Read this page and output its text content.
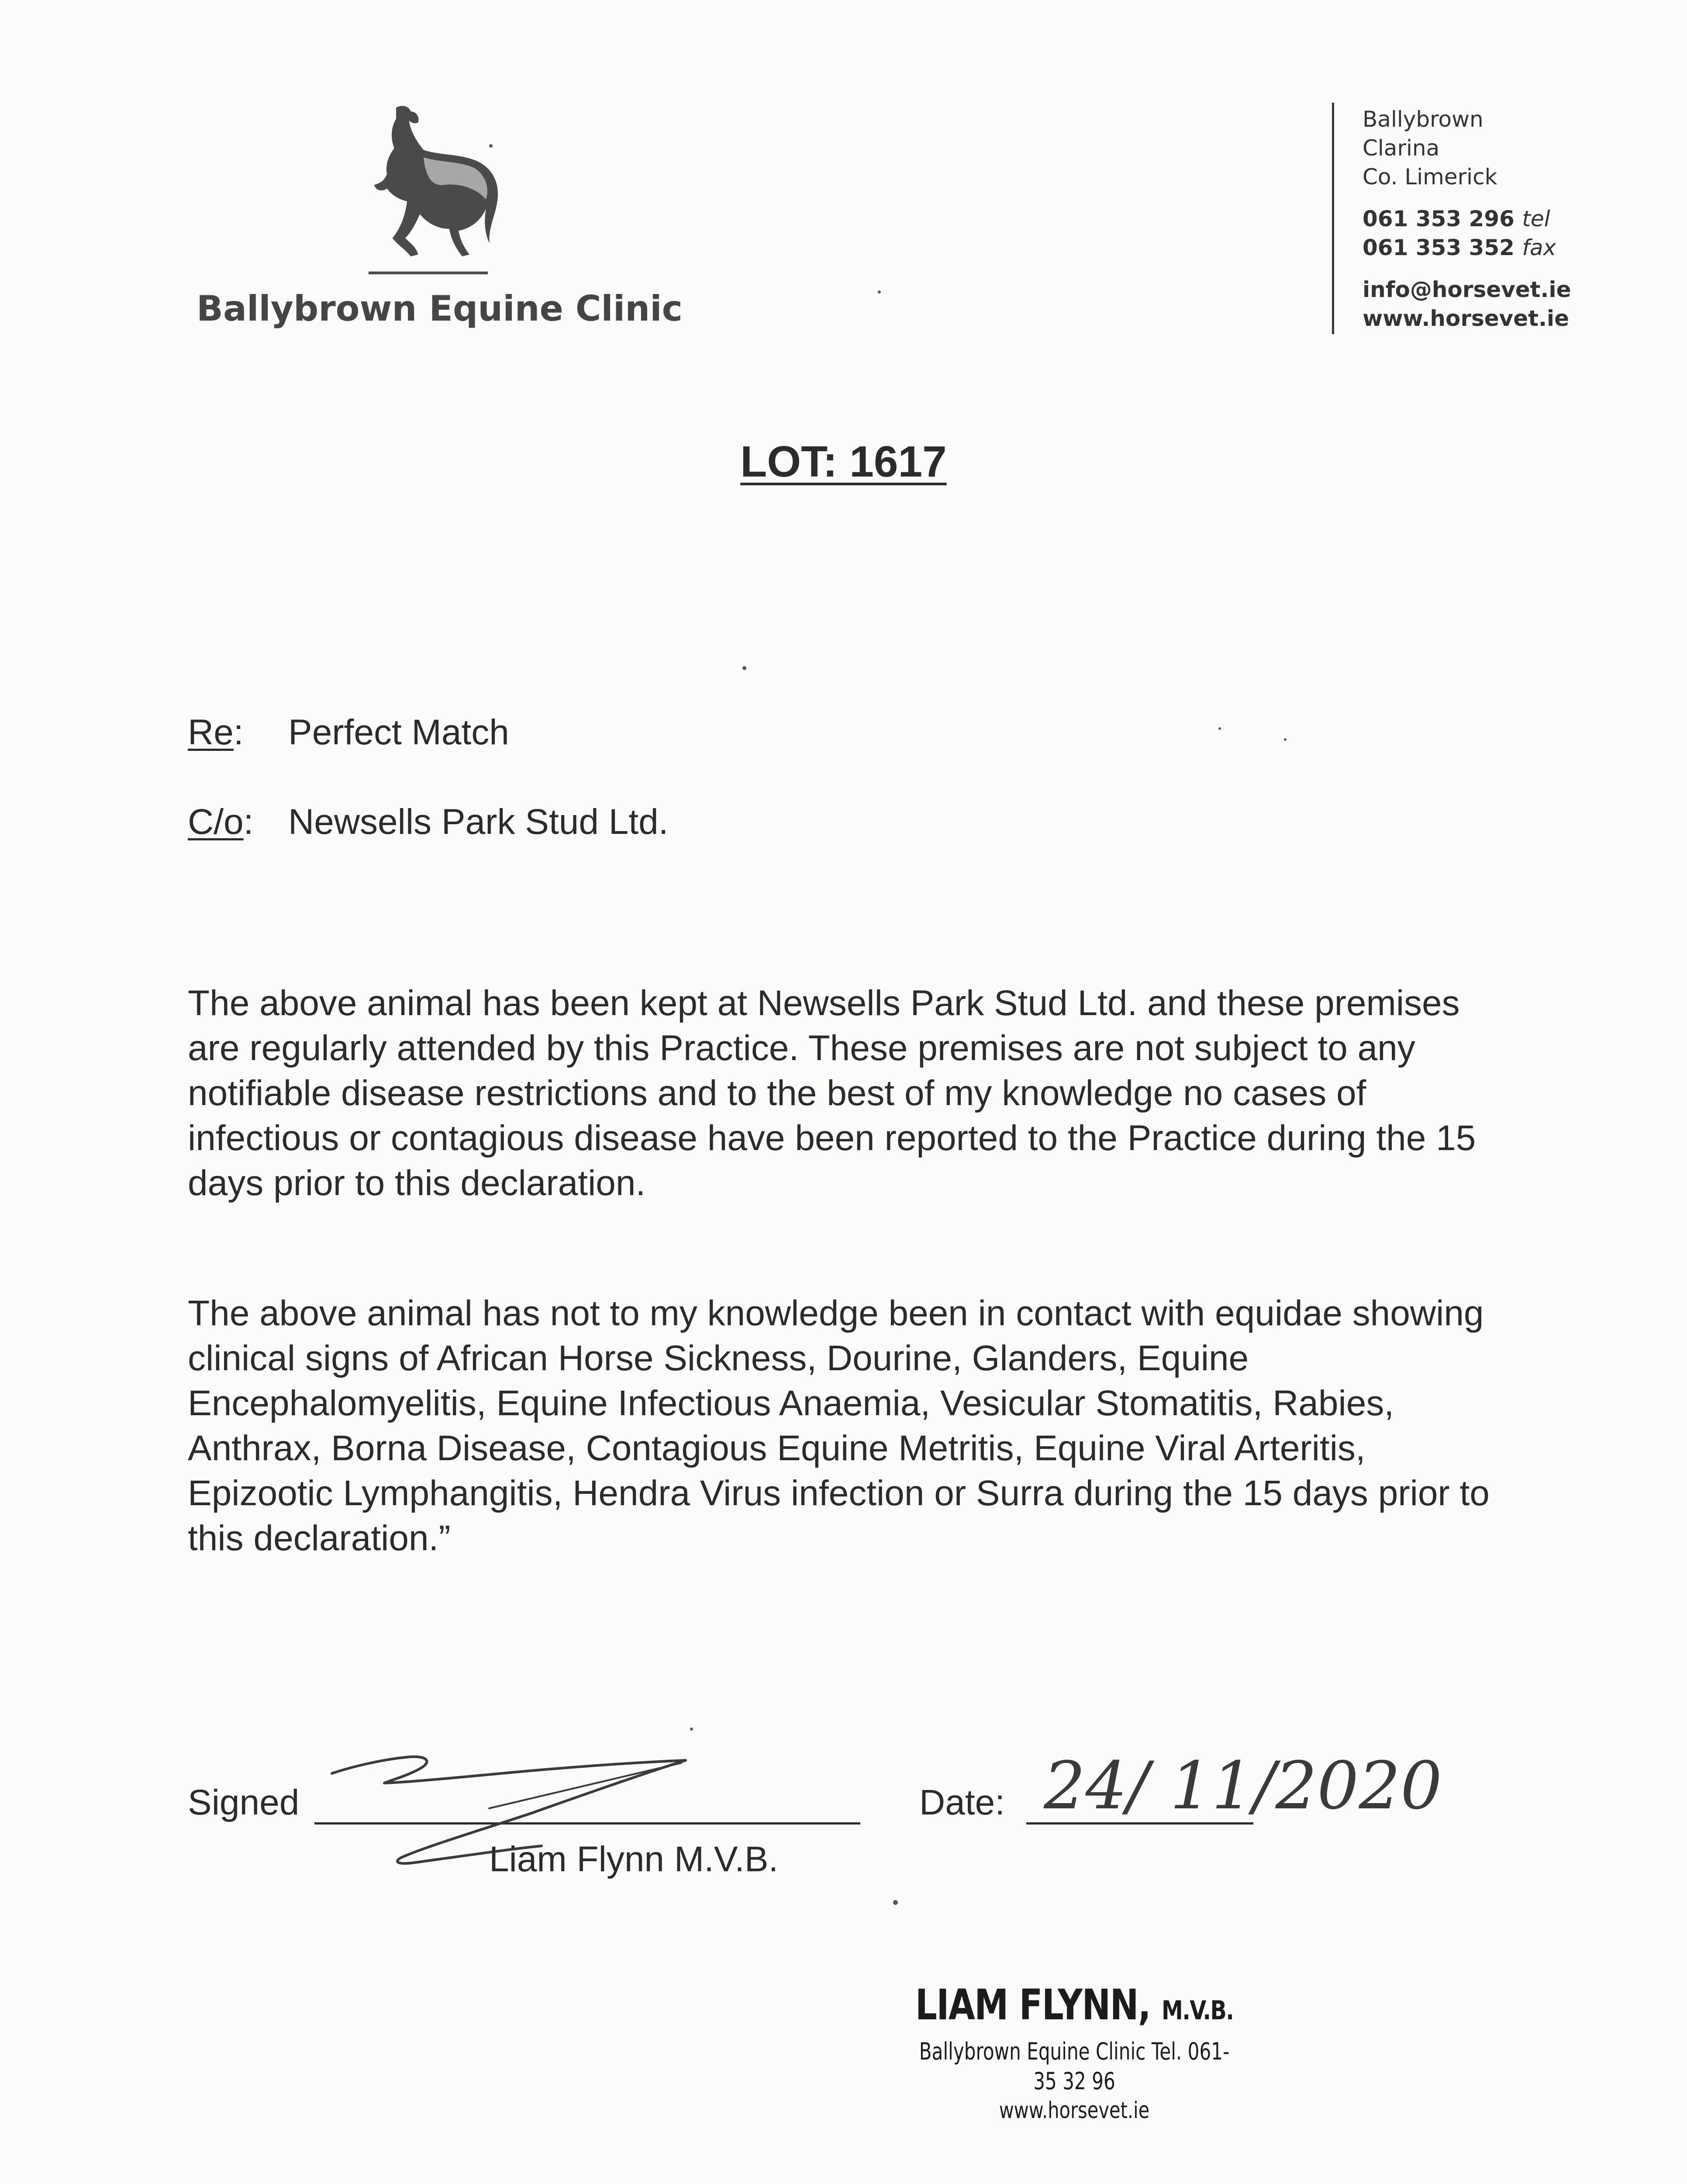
Ballybrown Equine Clinic
Ballybrown
Clarina
Co. Limerick
061 353 296 tel
061 353 352 fax
info@horsevet.ie
www.horsevet.ie
LOT: 1617
Re: Perfect Match
C/o: Newsells Park Stud Ltd.

The above animal has been kept at Newsells Park Stud Ltd. and these premises are regularly attended by this Practice. These premises are not subject to any notifiable disease restrictions and to the best of my knowledge no cases of infectious or contagious disease have been reported to the Practice during the 15 days prior to this declaration.

The above animal has not to my knowledge been in contact with equidae showing clinical signs of African Horse Sickness, Dourine, Glanders, Equine Encephalomyelitis, Equine Infectious Anaemia, Vesicular Stomatitis, Rabies, Anthrax, Borna Disease, Contagious Equine Metritis, Equine Viral Arteritis, Epizootic Lymphangitis, Hendra Virus infection or Surra during the 15 days prior to this declaration.”

Signed
Liam Flynn M.V.B.
Date: 24/ 11/2020
LIAM FLYNN, M.V.B.
Ballybrown Equine Clinic Tel. 061-35 32 96
www.horsevet.ie
